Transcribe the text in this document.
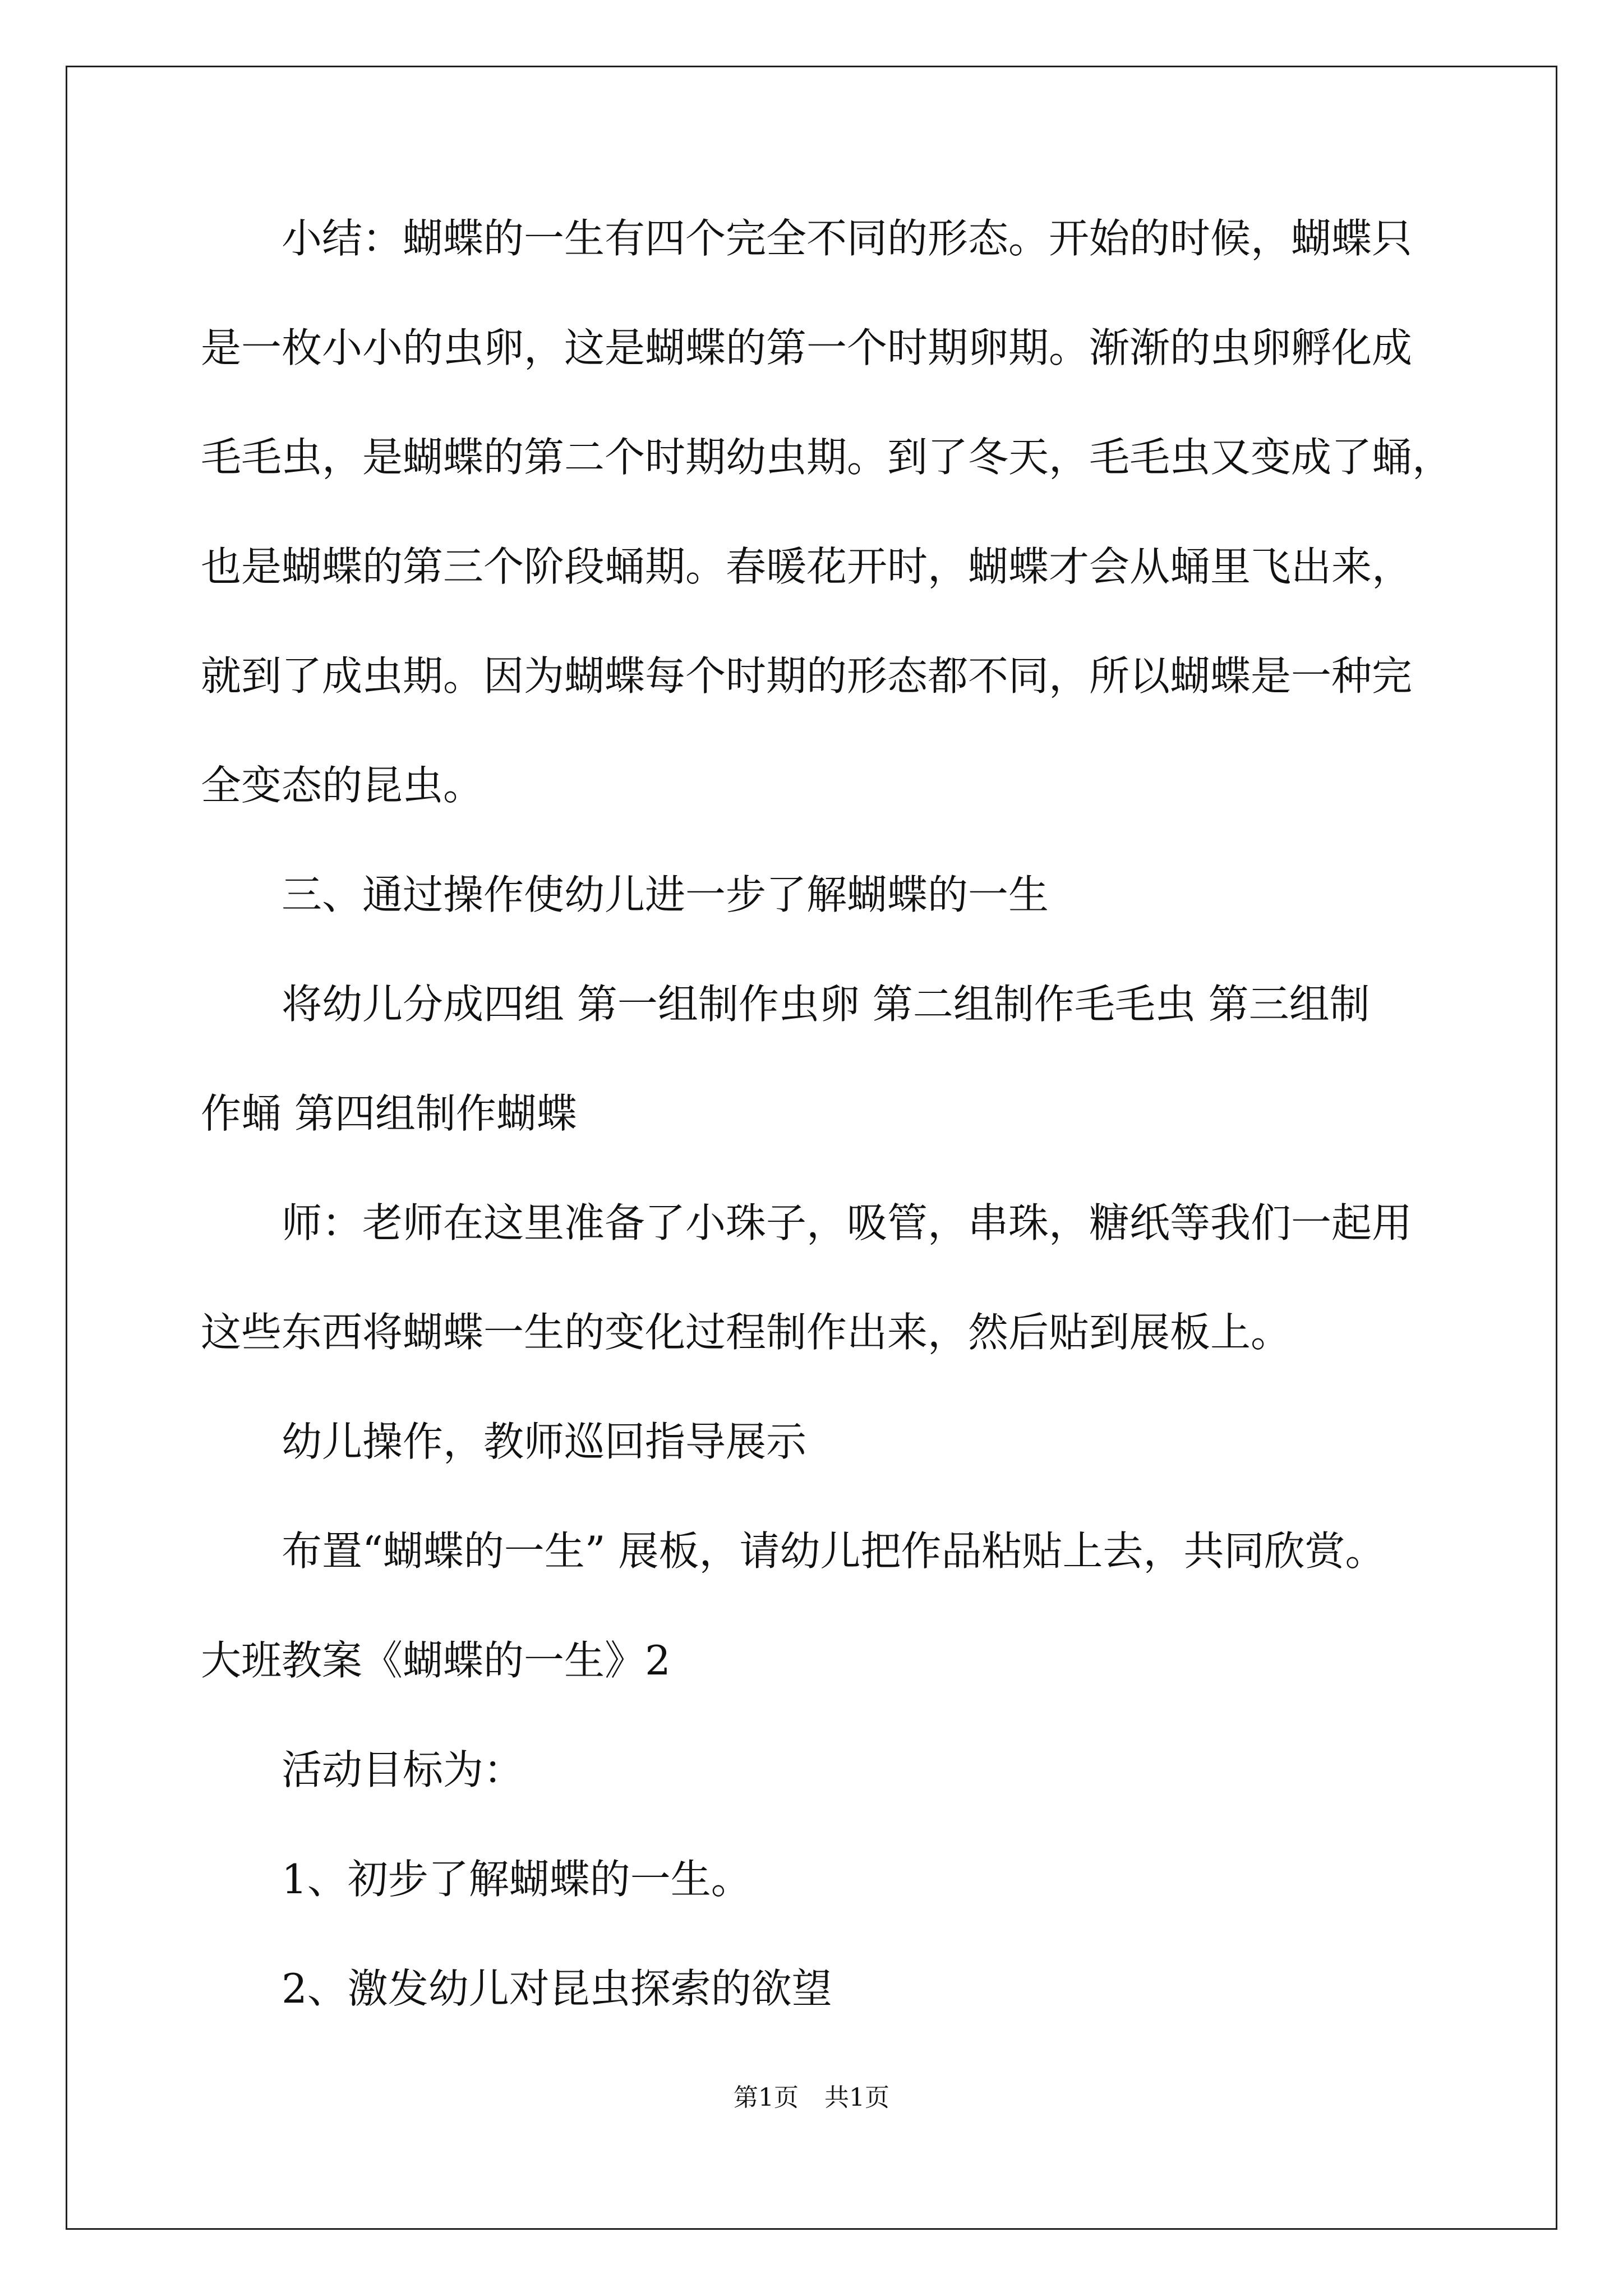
小结：蝴蝶的一生有四个完全不同的形态。开始的时候，蝴蝶只
是一枚小小的虫卵，这是蝴蝶的第一个时期卵期。渐渐的虫卵孵化成
毛毛虫，是蝴蝶的第二个时期幼虫期。到了冬天，毛毛虫又变成了蛹，
也是蝴蝶的第三个阶段蛹期。春暖花开时，蝴蝶才会从蛹里飞出来，
就到了成虫期。因为蝴蝶每个时期的形态都不同，所以蝴蝶是一种完
全变态的昆虫。
三、通过操作使幼儿进一步了解蝴蝶的一生
将幼儿分成四组 第一组制作虫卵 第二组制作毛毛虫 第三组制
作蛹 第四组制作蝴蝶
师：老师在这里准备了小珠子，吸管，串珠，糖纸等我们一起用
这些东西将蝴蝶一生的变化过程制作出来，然后贴到展板上。
幼儿操作，教师巡回指导展示
布置“蝴蝶的一生” 展板，请幼儿把作品粘贴上去，共同欣赏。
大班教案《蝴蝶的一生》2
活动目标为：
1、初步了解蝴蝶的一生。
2、激发幼儿对昆虫探索的欲望
第1页 共1页
